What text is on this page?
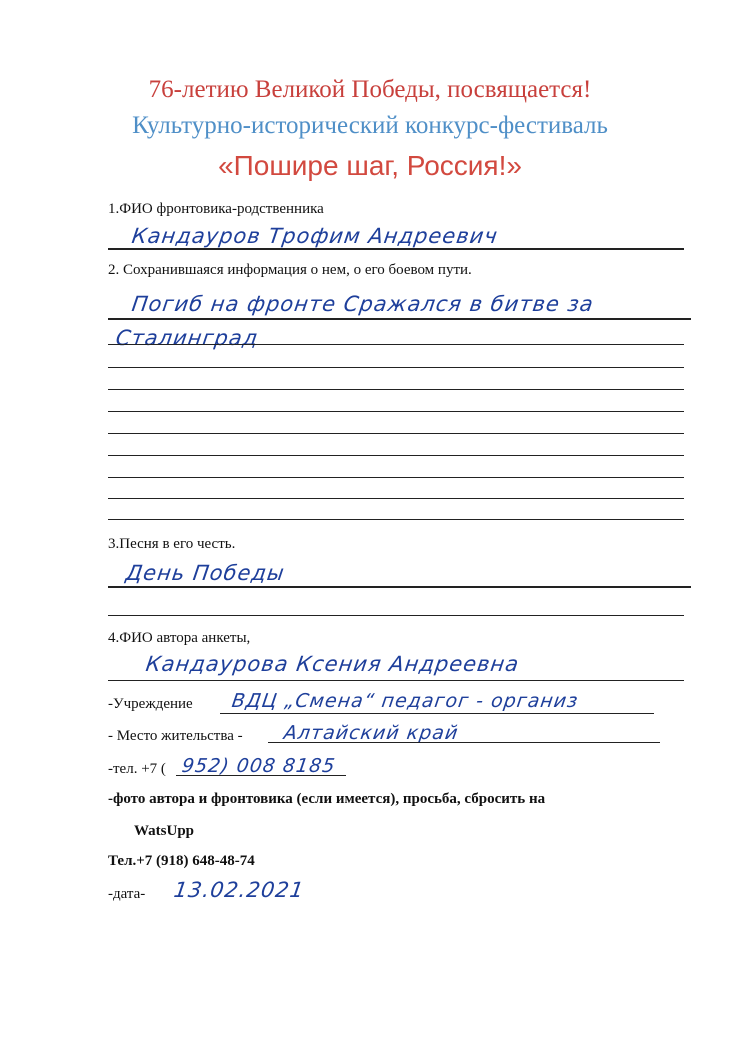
76-летию Великой Победы, посвящается!
Культурно-исторический конкурс-фестиваль
«Пошире шаг, Россия!»
1.ФИО фронтовика-родственника
Кандауров Трофим Андреевич
2. Сохранившаяся информация о нем, о его боевом пути.
Погиб на фронте Сражался в битве за
Сталинград
3.Песня в его честь.
День Победы
4.ФИО автора анкеты,
Кандаурова Ксения Андреевна
-Учреждение ВДЦ „Смена“ педагог - организ
- Место жительства - Алтайский край
-тел. +7 ( 952) 008 8185
-фото автора и фронтовика (если имеется), просьба, сбросить на
WatsUpp
Тел.+7 (918) 648-48-74
-дата- 13.02.2021
